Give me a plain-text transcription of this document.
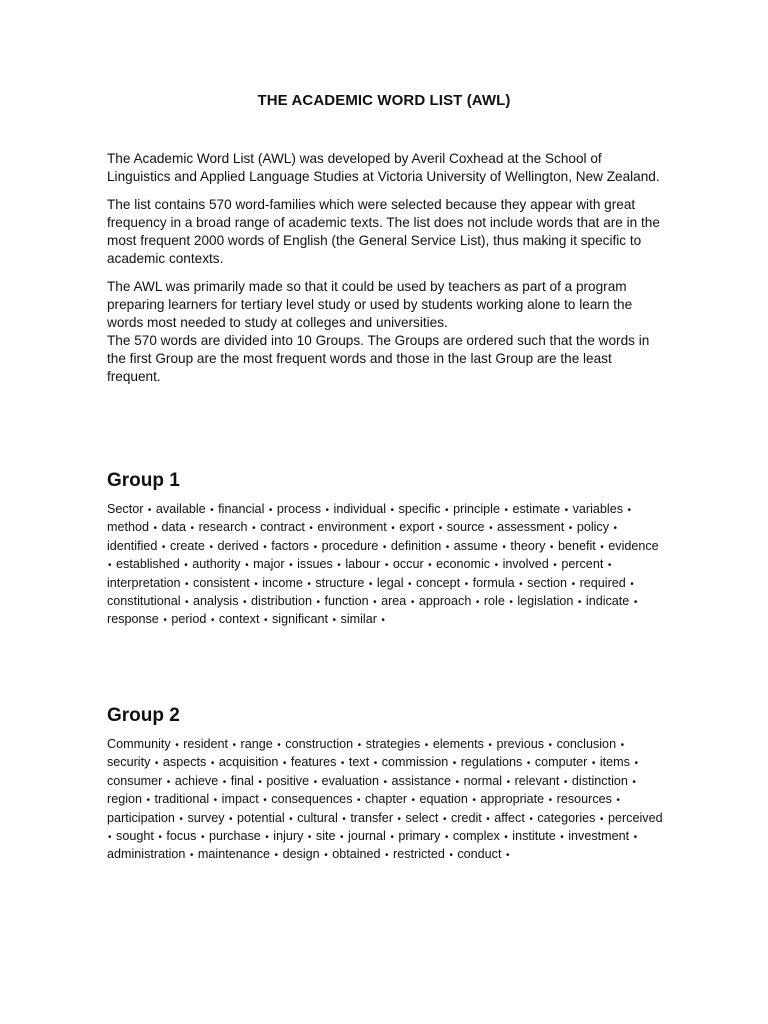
THE ACADEMIC WORD LIST (AWL)

The Academic Word List (AWL) was developed by Averil Coxhead at the School of Linguistics and Applied Language Studies at Victoria University of Wellington, New Zealand.

The list contains 570 word-families which were selected because they appear with great frequency in a broad range of academic texts. The list does not include words that are in the most frequent 2000 words of English (the General Service List), thus making it specific to academic contexts.

The AWL was primarily made so that it could be used by teachers as part of a program preparing learners for tertiary level study or used by students working alone to learn the words most needed to study at colleges and universities.

The 570 words are divided into 10 Groups. The Groups are ordered such that the words in the first Group are the most frequent words and those in the last Group are the least frequent.

Group 1

Sector • available • financial • process • individual • specific • principle • estimate • variables • method • data • research • contract • environment • export • source • assessment • policy • identified • create • derived • factors • procedure • definition • assume • theory • benefit • evidence • established • authority • major • issues • labour • occur • economic • involved • percent • interpretation • consistent • income • structure • legal • concept • formula • section • required • constitutional • analysis • distribution • function • area • approach • role • legislation • indicate • response • period • context • significant • similar •

Group 2

Community • resident • range • construction • strategies • elements • previous • conclusion • security • aspects • acquisition • features • text • commission • regulations • computer • items • consumer • achieve • final • positive • evaluation • assistance • normal • relevant • distinction • region • traditional • impact • consequences • chapter • equation • appropriate • resources • participation • survey • potential • cultural • transfer • select • credit • affect • categories • perceived • sought • focus • purchase • injury • site • journal • primary • complex • institute • investment • administration • maintenance • design • obtained • restricted • conduct •
